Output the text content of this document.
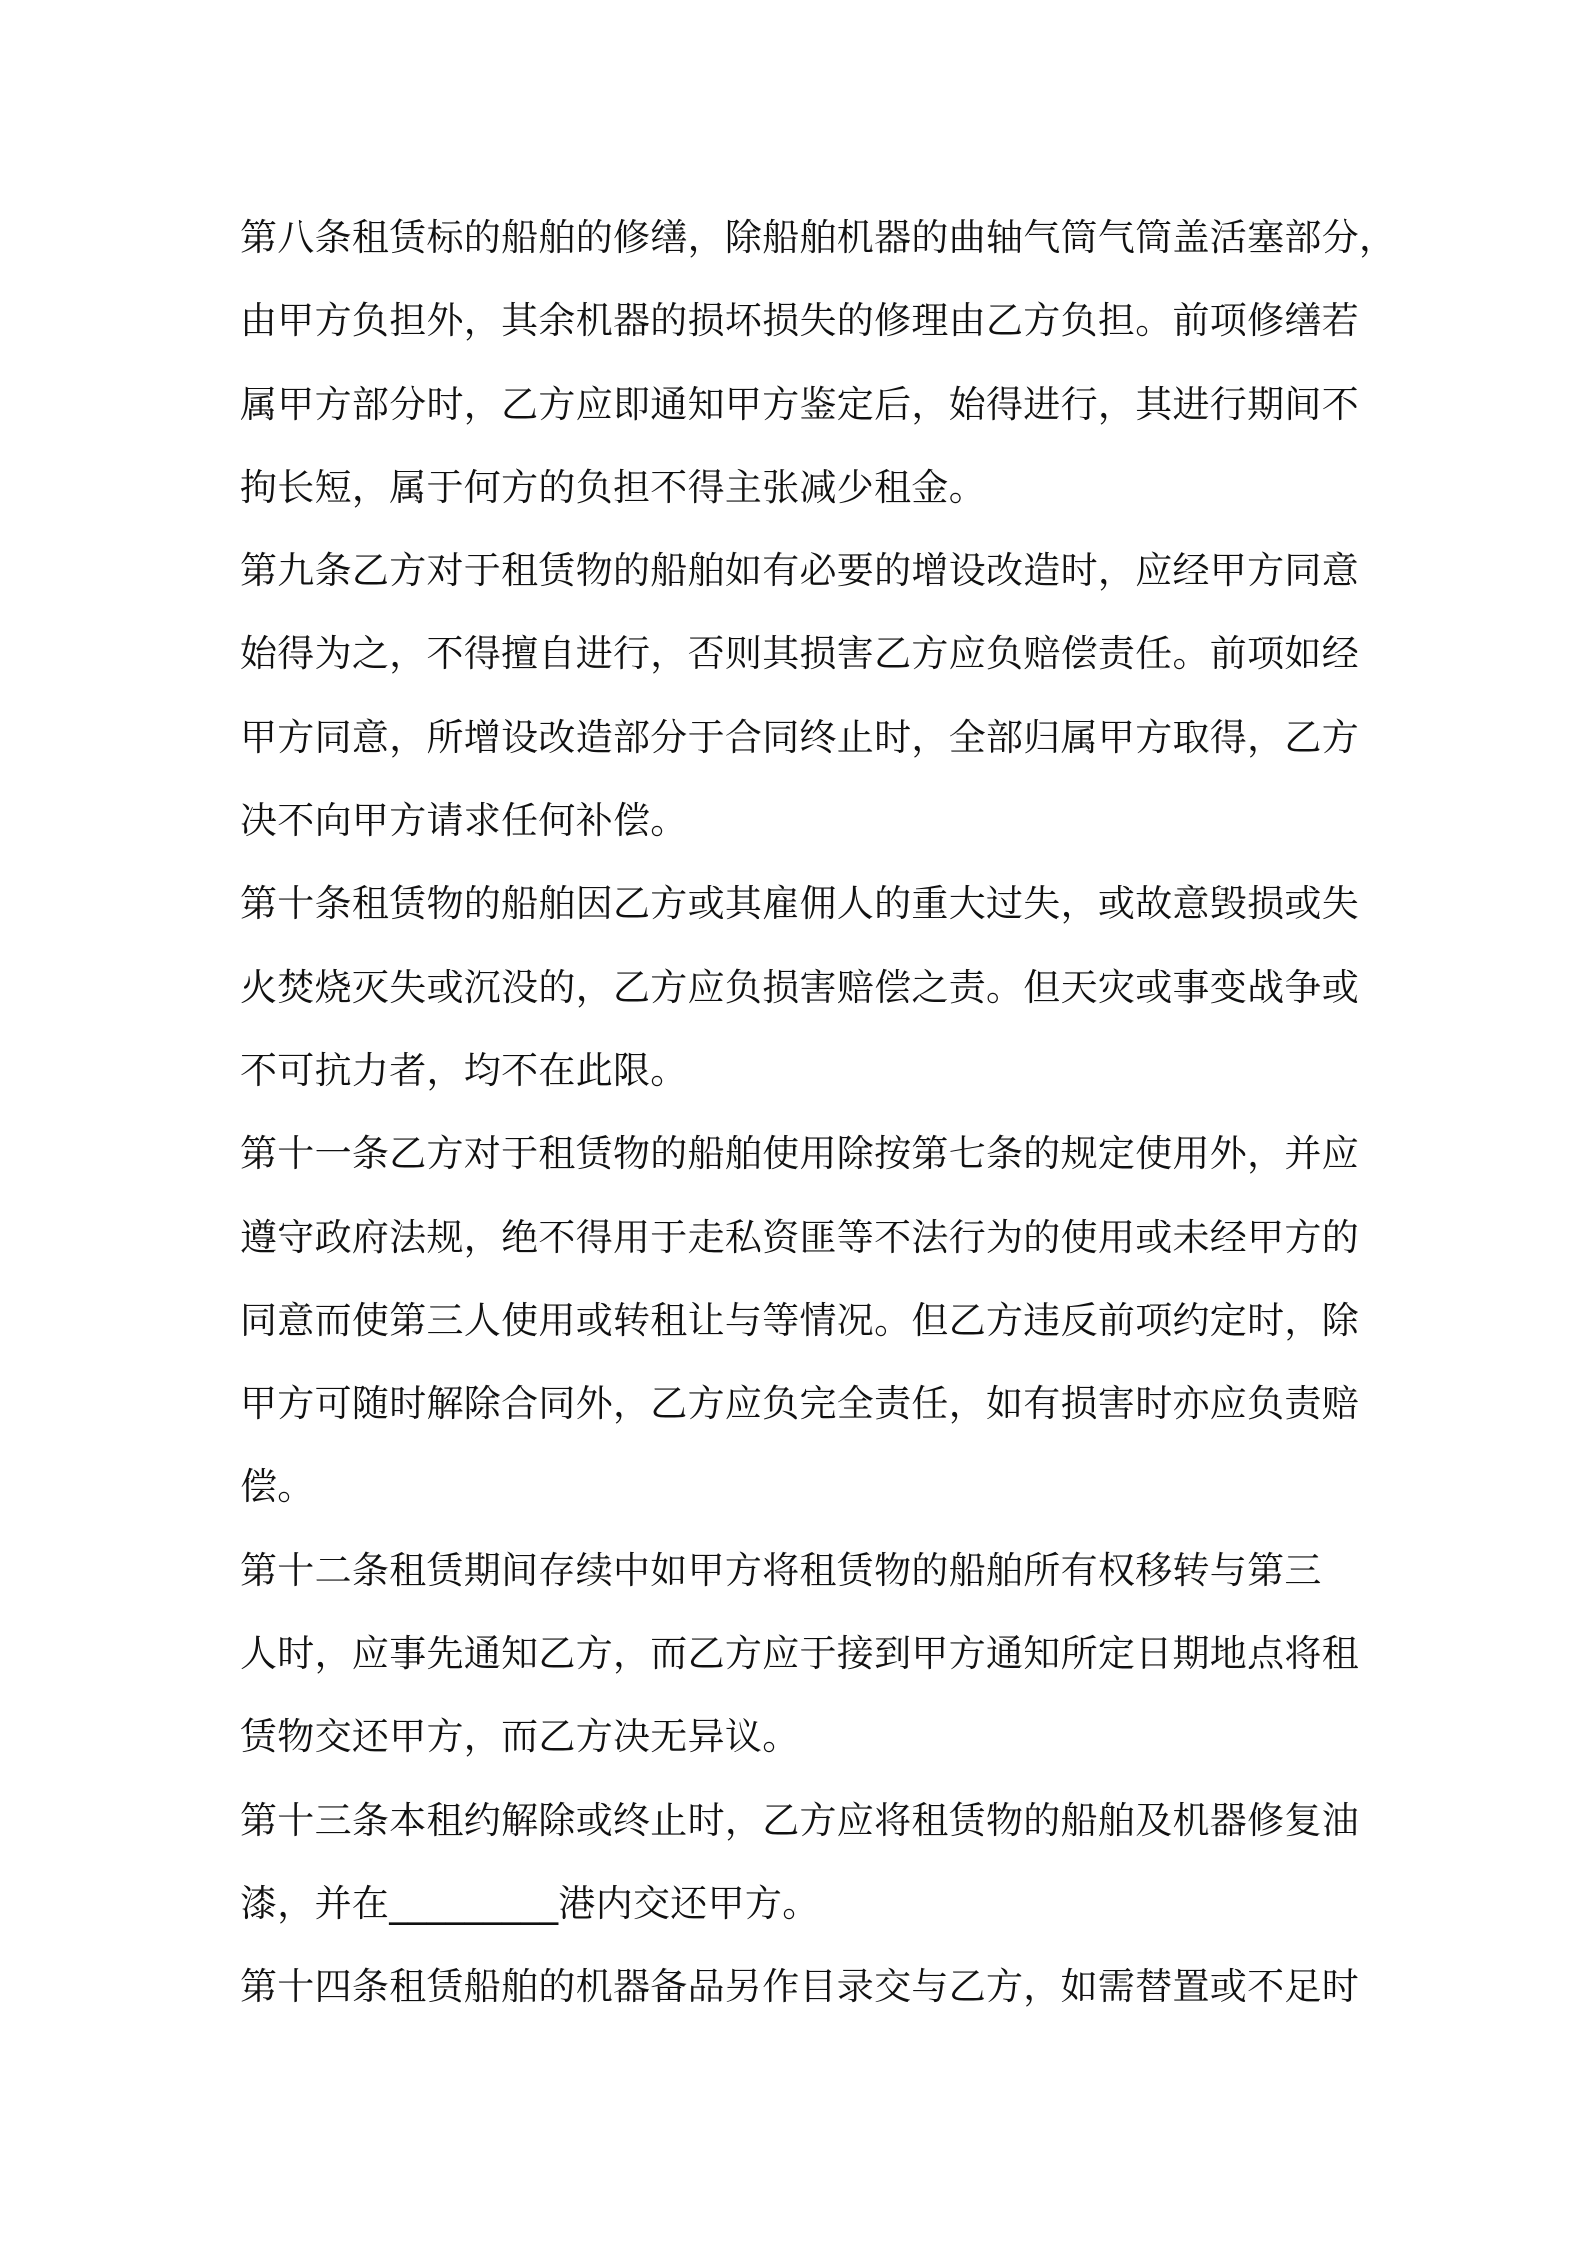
第八条租赁标的船舶的修缮，除船舶机器的曲轴气筒气筒盖活塞部分，

由甲方负担外，其余机器的损坏损失的修理由乙方负担。前项修缮若

属甲方部分时，乙方应即通知甲方鉴定后，始得进行，其进行期间不

拘长短，属于何方的负担不得主张减少租金。

第九条乙方对于租赁物的船舶如有必要的增设改造时，应经甲方同意

始得为之，不得擅自进行，否则其损害乙方应负赔偿责任。前项如经

甲方同意，所增设改造部分于合同终止时，全部归属甲方取得，乙方

决不向甲方请求任何补偿。

第十条租赁物的船舶因乙方或其雇佣人的重大过失，或故意毁损或失

火焚烧灭失或沉没的，乙方应负损害赔偿之责。但天灾或事变战争或

不可抗力者，均不在此限。

第十一条乙方对于租赁物的船舶使用除按第七条的规定使用外，并应

遵守政府法规，绝不得用于走私资匪等不法行为的使用或未经甲方的

同意而使第三人使用或转租让与等情况。但乙方违反前项约定时，除

甲方可随时解除合同外，乙方应负完全责任，如有损害时亦应负责赔

偿。

第十二条租赁期间存续中如甲方将租赁物的船舶所有权移转与第三

人时，应事先通知乙方，而乙方应于接到甲方通知所定日期地点将租

赁物交还甲方，而乙方决无异议。

第十三条本租约解除或终止时，乙方应将租赁物的船舶及机器修复油

漆，并在_________港内交还甲方。

第十四条租赁船舶的机器备品另作目录交与乙方，如需替置或不足时
